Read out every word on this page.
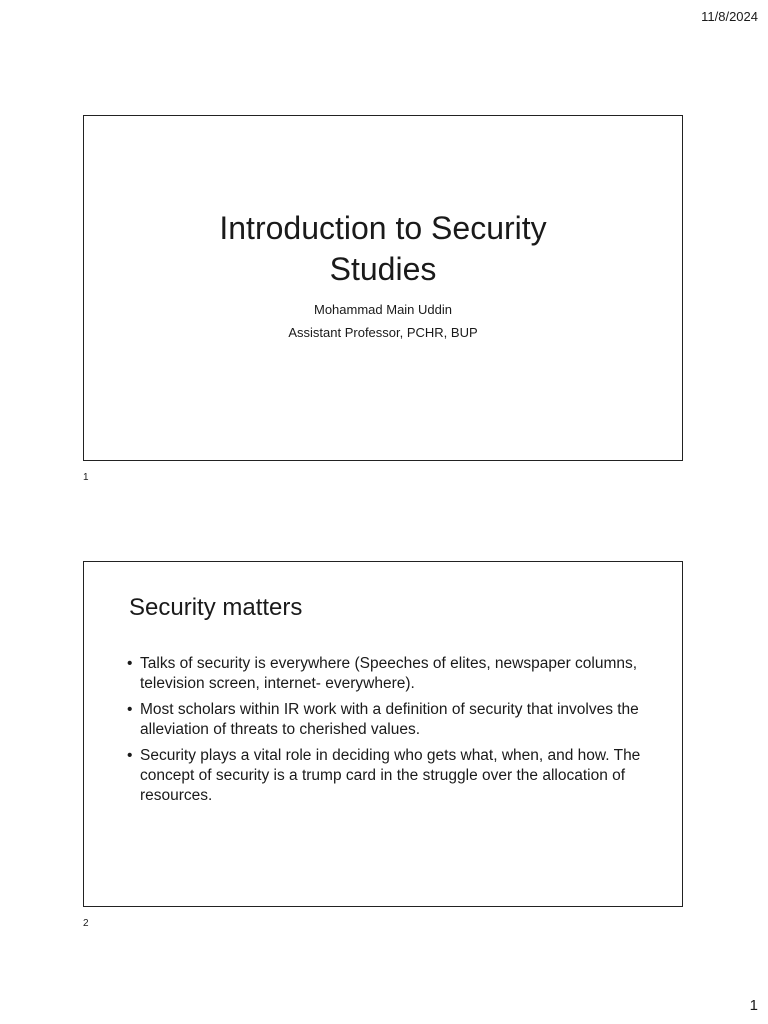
11/8/2024
Introduction to Security
Studies
Mohammad Main Uddin
Assistant Professor, PCHR, BUP
1
Security matters
• Talks of security is everywhere (Speeches of elites, newspaper columns, television screen, internet- everywhere).
• Most scholars within IR work with a definition of security that involves the alleviation of threats to cherished values.
• Security plays a vital role in deciding who gets what, when, and how. The concept of security is a trump card in the struggle over the allocation of resources.
2
1
